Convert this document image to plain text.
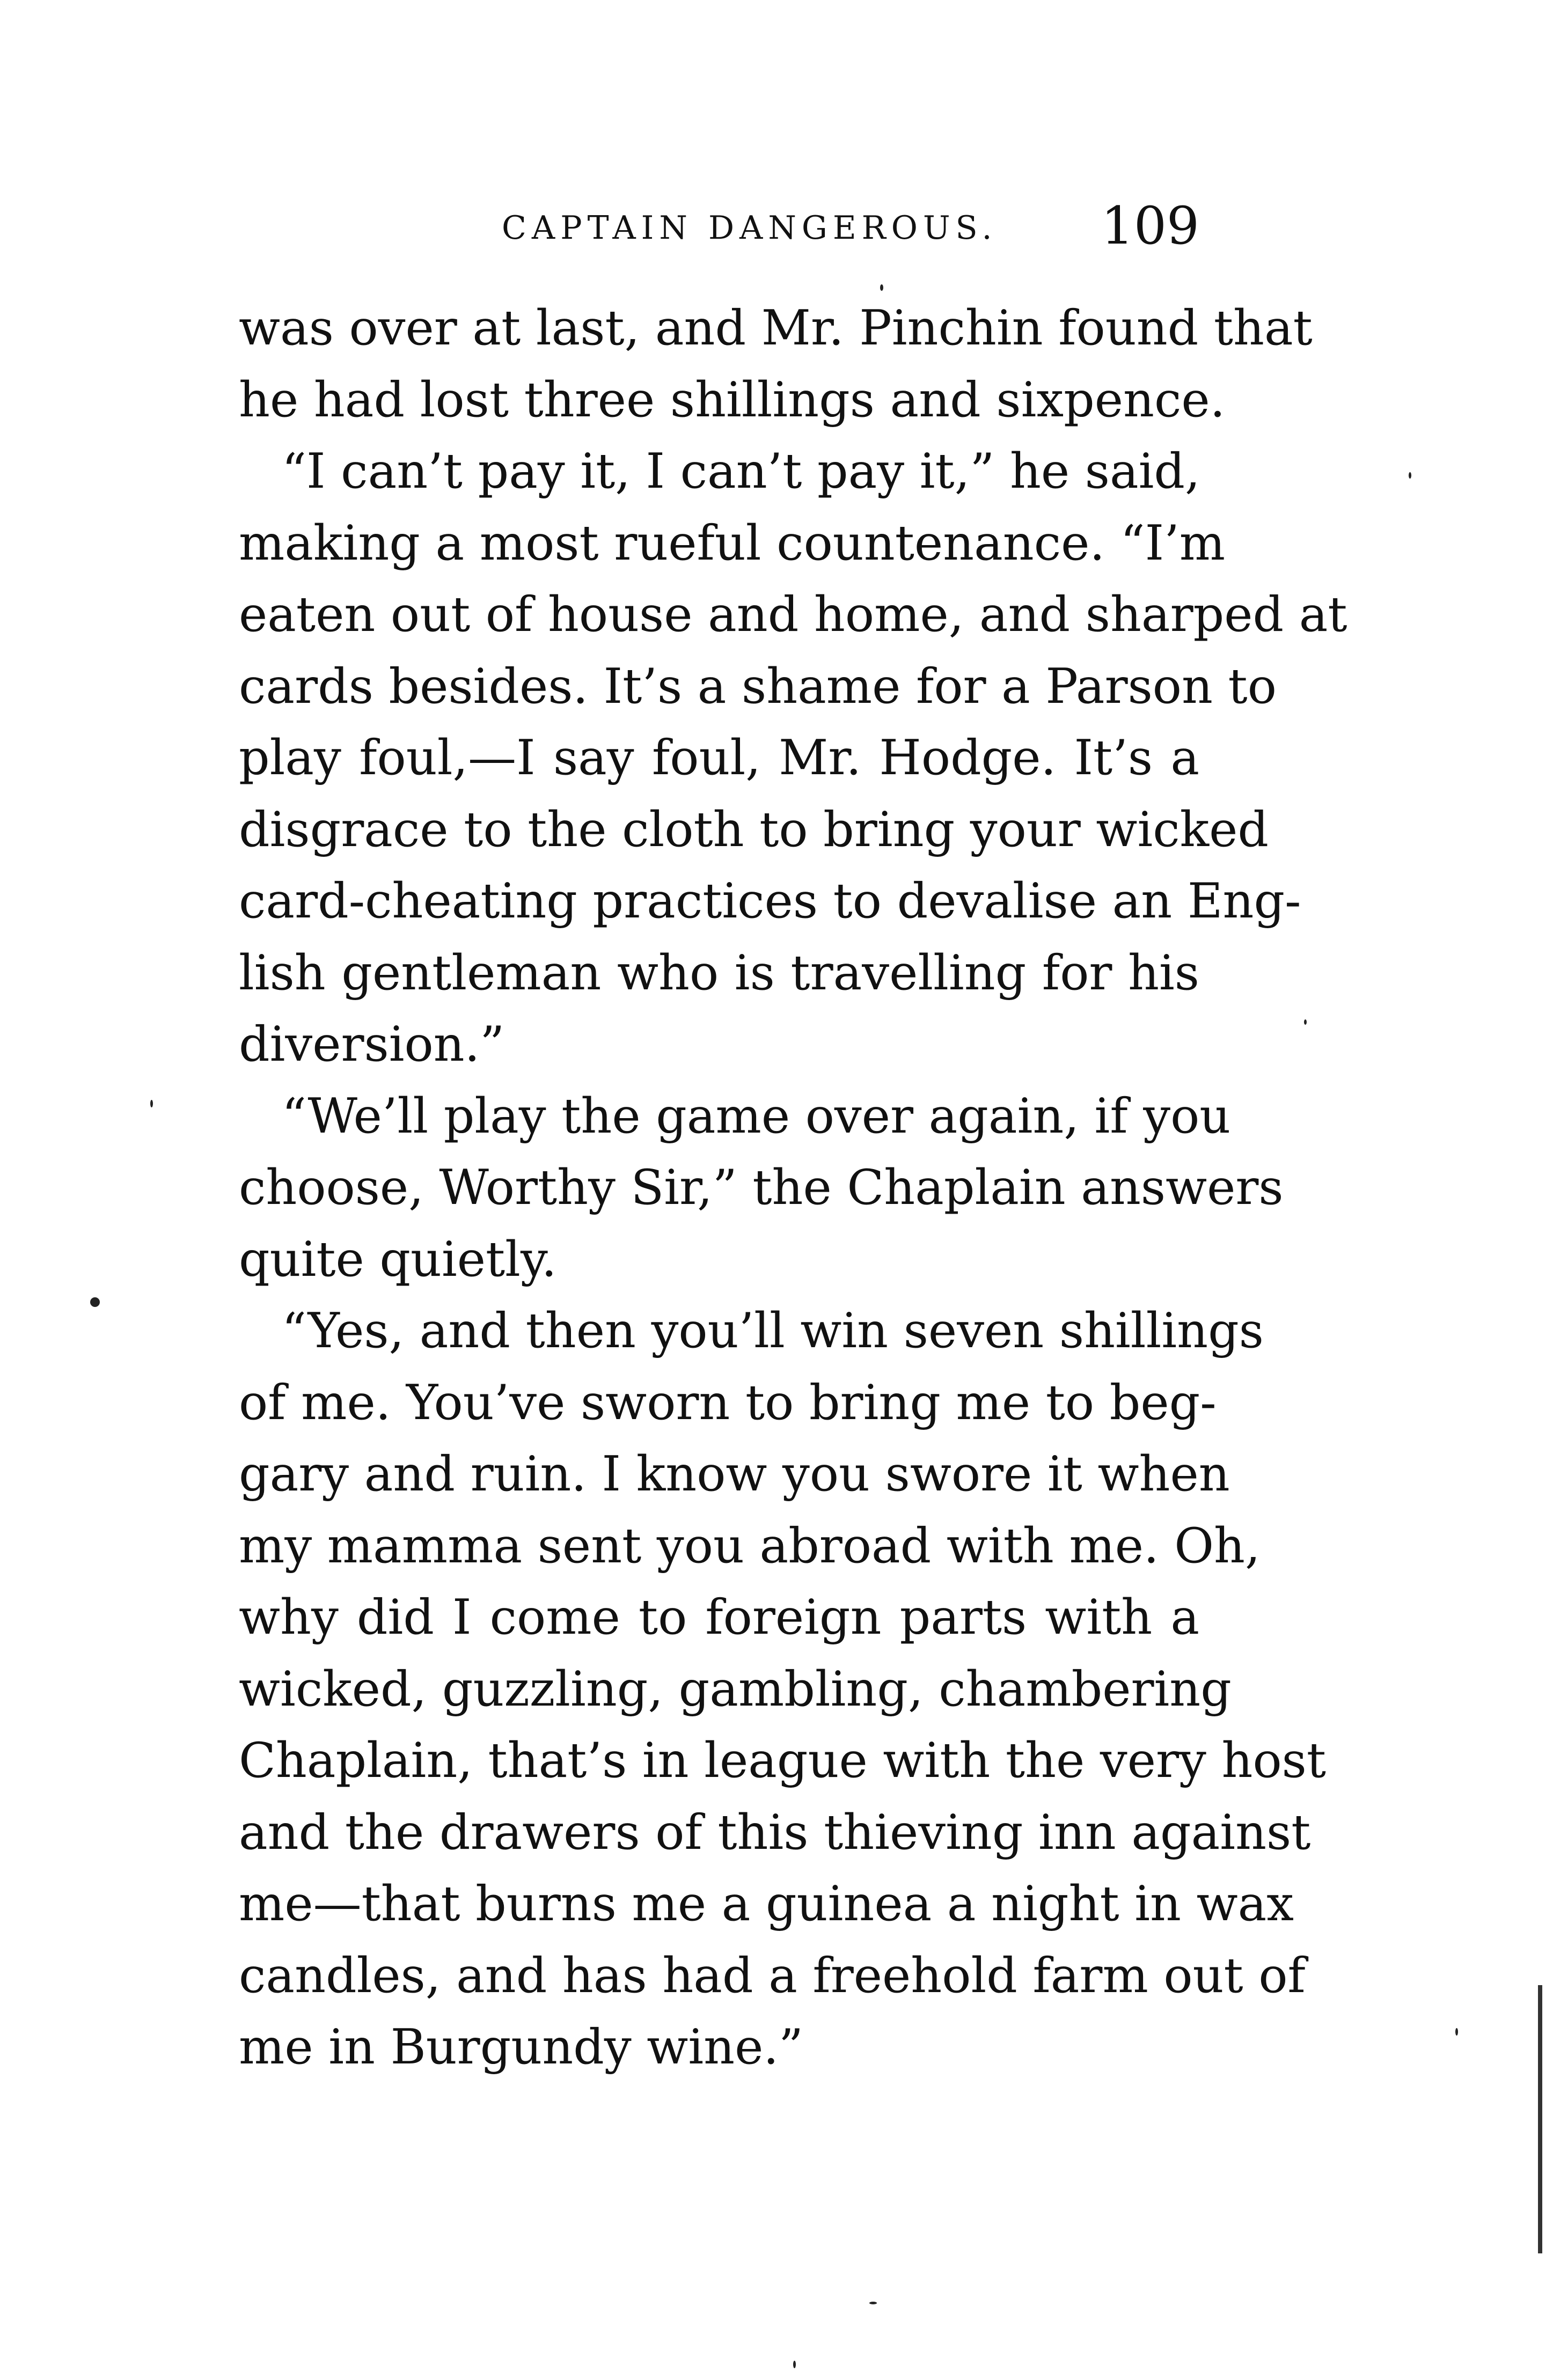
CAPTAIN DANGEROUS. 109
was over at last, and Mr. Pinchin found that
he had lost three shillings and sixpence.
“I can’t pay it, I can’t pay it,” he said,
making a most rueful countenance. “I’m
eaten out of house and home, and sharped at
cards besides. It’s a shame for a Parson to
play foul,—I say foul, Mr. Hodge. It’s a
disgrace to the cloth to bring your wicked
card-cheating practices to devalise an Eng-
lish gentleman who is travelling for his
diversion.”
“We’ll play the game over again, if you
choose, Worthy Sir,” the Chaplain answers
quite quietly.
“Yes, and then you’ll win seven shillings
of me. You’ve sworn to bring me to beg-
gary and ruin. I know you swore it when
my mamma sent you abroad with me. Oh,
why did I come to foreign parts with a
wicked, guzzling, gambling, chambering
Chaplain, that’s in league with the very host
and the drawers of this thieving inn against
me—that burns me a guinea a night in wax
candles, and has had a freehold farm out of
me in Burgundy wine.”
